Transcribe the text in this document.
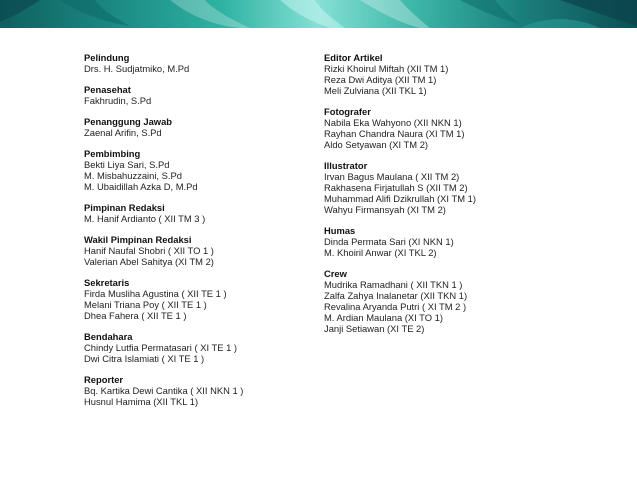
Pelindung
Drs. H. Sudjatmiko, M.Pd
Penasehat
Fakhrudin, S.Pd
Penanggung Jawab
Zaenal Arifin, S.Pd
Pembimbing
Bekti Liya Sari, S.Pd
M. Misbahuzzaini, S.Pd
M. Ubaidillah Azka D, M.Pd
Pimpinan Redaksi
M. Hanif Ardianto ( XII TM 3 )
Wakil Pimpinan Redaksi
Hanif Naufal Shobri ( XII TO 1 )
Valerian Abel Sahitya (XI TM 2)
Sekretaris
Firda Musliha Agustina ( XII TE 1 )
Melani Triana Poy ( XII TE 1 )
Dhea Fahera ( XII TE 1 )
Bendahara
Chindy Lutfia Permatasari ( XI TE 1 )
Dwi Citra Islamiati ( XI TE 1 )
Reporter
Bq. Kartika Dewi Cantika ( XII NKN 1 )
Husnul Hamima (XII TKL 1)
Editor Artikel
Rizki Khoirul Miftah (XII TM 1)
Reza Dwi Aditya (XII TM 1)
Meli Zulviana (XII TKL 1)
Fotografer
Nabila Eka Wahyono (XII NKN 1)
Rayhan Chandra Naura (XI TM 1)
Aldo Setyawan (XI TM 2)
Illustrator
Irvan Bagus Maulana ( XII TM 2)
Rakhasena Firjatullah S (XII TM 2)
Muhammad Alifi Dzikrullah (XI TM 1)
Wahyu Firmansyah (XI TM 2)
Humas
Dinda Permata Sari (XI NKN 1)
M. Khoiril Anwar (XI TKL 2)
Crew
Mudrika Ramadhani ( XII TKN 1 )
Zalfa Zahya Inalanetar (XII TKN 1)
Revalina Aryanda Putri ( XI TM 2 )
M. Ardian Maulana (XI TO 1)
Janji Setiawan (XI TE 2)
